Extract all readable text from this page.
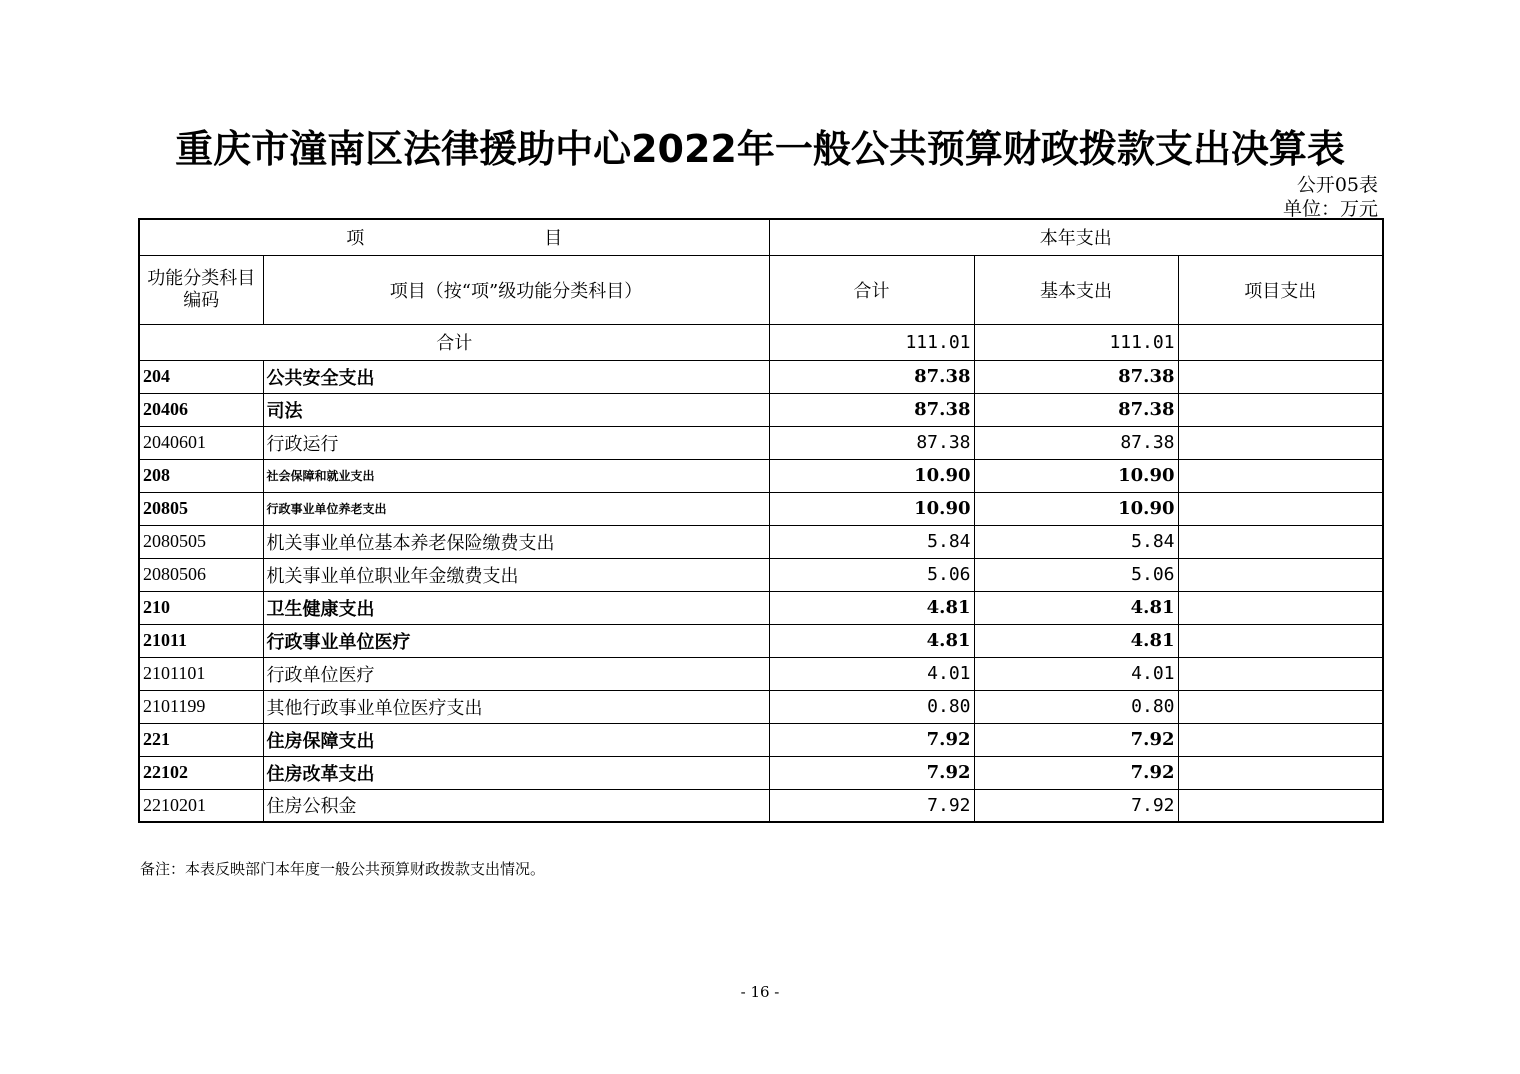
重庆市潼南区法律援助中心2022年一般公共预算财政拨款支出决算表
公开05表
单位：万元
项 目		本年支出		
功能分类科目编码	项目（按“项”级功能分类科目）	合计	基本支出	项目支出
合计		111.01	111.01	
204	公共安全支出	87.38	87.38	
20406	司法	87.38	87.38	
2040601	行政运行	87.38	87.38	
208	社会保障和就业支出	10.90	10.90	
20805	行政事业单位养老支出	10.90	10.90	
2080505	机关事业单位基本养老保险缴费支出	5.84	5.84	
2080506	机关事业单位职业年金缴费支出	5.06	5.06	
210	卫生健康支出	4.81	4.81	
21011	行政事业单位医疗	4.81	4.81	
2101101	行政单位医疗	4.01	4.01	
2101199	其他行政事业单位医疗支出	0.80	0.80	
221	住房保障支出	7.92	7.92	
22102	住房改革支出	7.92	7.92	
2210201	住房公积金	7.92	7.92	
备注：本表反映部门本年度一般公共预算财政拨款支出情况。
- 16 -
